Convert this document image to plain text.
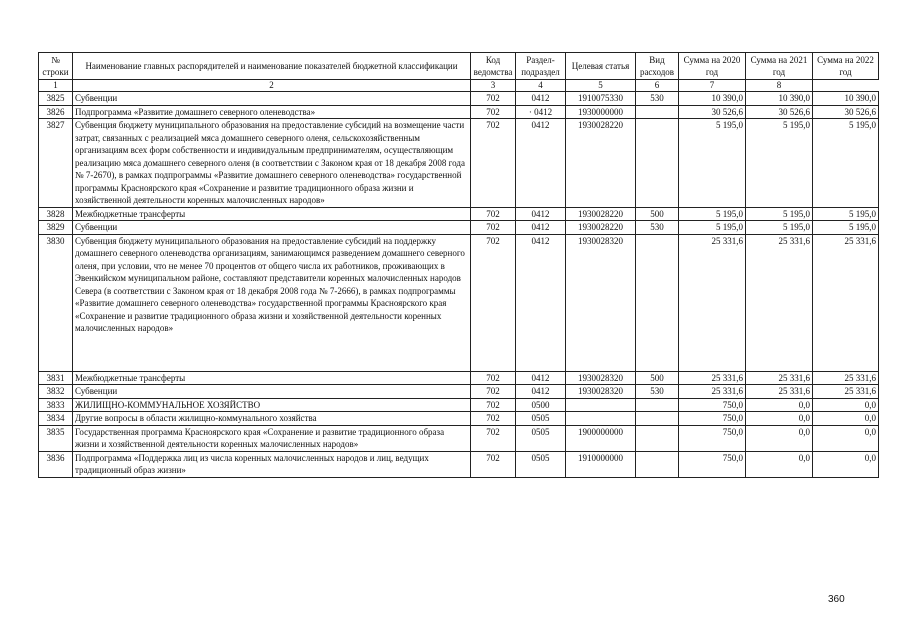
№ строки	Наименование главных распорядителей и наименование показателей бюджетной классификации	Код ведомства	Раздел-подраздел	Целевая статья	Вид расходов	Сумма на 2020 год	Сумма на 2021 год	Сумма на 2022 год
1	2	3	4	5	6	7	8	
3825	Субвенции	702	0412	1910075330	530	10 390,0	10 390,0	10 390,0
3826	Подпрограмма «Развитие домашнего северного оленеводства»	702	· 0412	1930000000		30 526,6	30 526,6	30 526,6
3827	Субвенция бюджету муниципального образования на предоставление субсидий на возмещение части затрат, связанных с реализацией мяса домашнего северного оленя, сельскохозяйственным организациям всех форм собственности и индивидуальным предпринимателям, осуществляющим реализацию мяса домашнего северного оленя (в соответствии с Законом края от 18 декабря 2008 года № 7-2670), в рамках подпрограммы «Развитие домашнего северного оленеводства» государственной программы Красноярского края «Сохранение и развитие традиционного образа жизни и хозяйственной деятельности коренных малочисленных народов»	702	0412	1930028220		5 195,0	5 195,0	5 195,0
3828	Межбюджетные трансферты	702	0412	1930028220	500	5 195,0	5 195,0	5 195,0
3829	Субвенции	702	0412	1930028220	530	5 195,0	5 195,0	5 195,0
3830	Субвенция бюджету муниципального образования на предоставление субсидий на поддержку домашнего северного оленеводства организациям, занимающимся разведением домашнего северного оленя, при условии, что не менее 70 процентов от общего числа их работников, проживающих в Эвенкийском муниципальном районе, составляют представители коренных малочисленных народов Севера (в соответствии с Законом края от 18 декабря 2008 года № 7-2666), в рамках подпрограммы «Развитие домашнего северного оленеводства» государственной программы Красноярского края «Сохранение и развитие традиционного образа жизни и хозяйственной деятельности коренных малочисленных народов»	702	0412	1930028320		25 331,6	25 331,6	25 331,6
3831	Межбюджетные трансферты	702	0412	1930028320	500	25 331,6	25 331,6	25 331,6
3832	Субвенции	702	0412	1930028320	530	25 331,6	25 331,6	25 331,6
3833	ЖИЛИЩНО-КОММУНАЛЬНОЕ ХОЗЯЙСТВО	702	0500			750,0	0,0	0,0
3834	Другие вопросы в области жилищно-коммунального хозяйства	702	0505			750,0	0,0	0,0
3835	Государственная программа Красноярского края «Сохранение и развитие традиционного образа жизни и хозяйственной деятельности коренных малочисленных народов»	702	0505	1900000000		750,0	0,0	0,0
3836	Подпрограмма «Поддержка лиц из числа коренных малочисленных народов и лиц, ведущих традиционный образ жизни»	702	0505	1910000000		750,0	0,0	0,0
360
